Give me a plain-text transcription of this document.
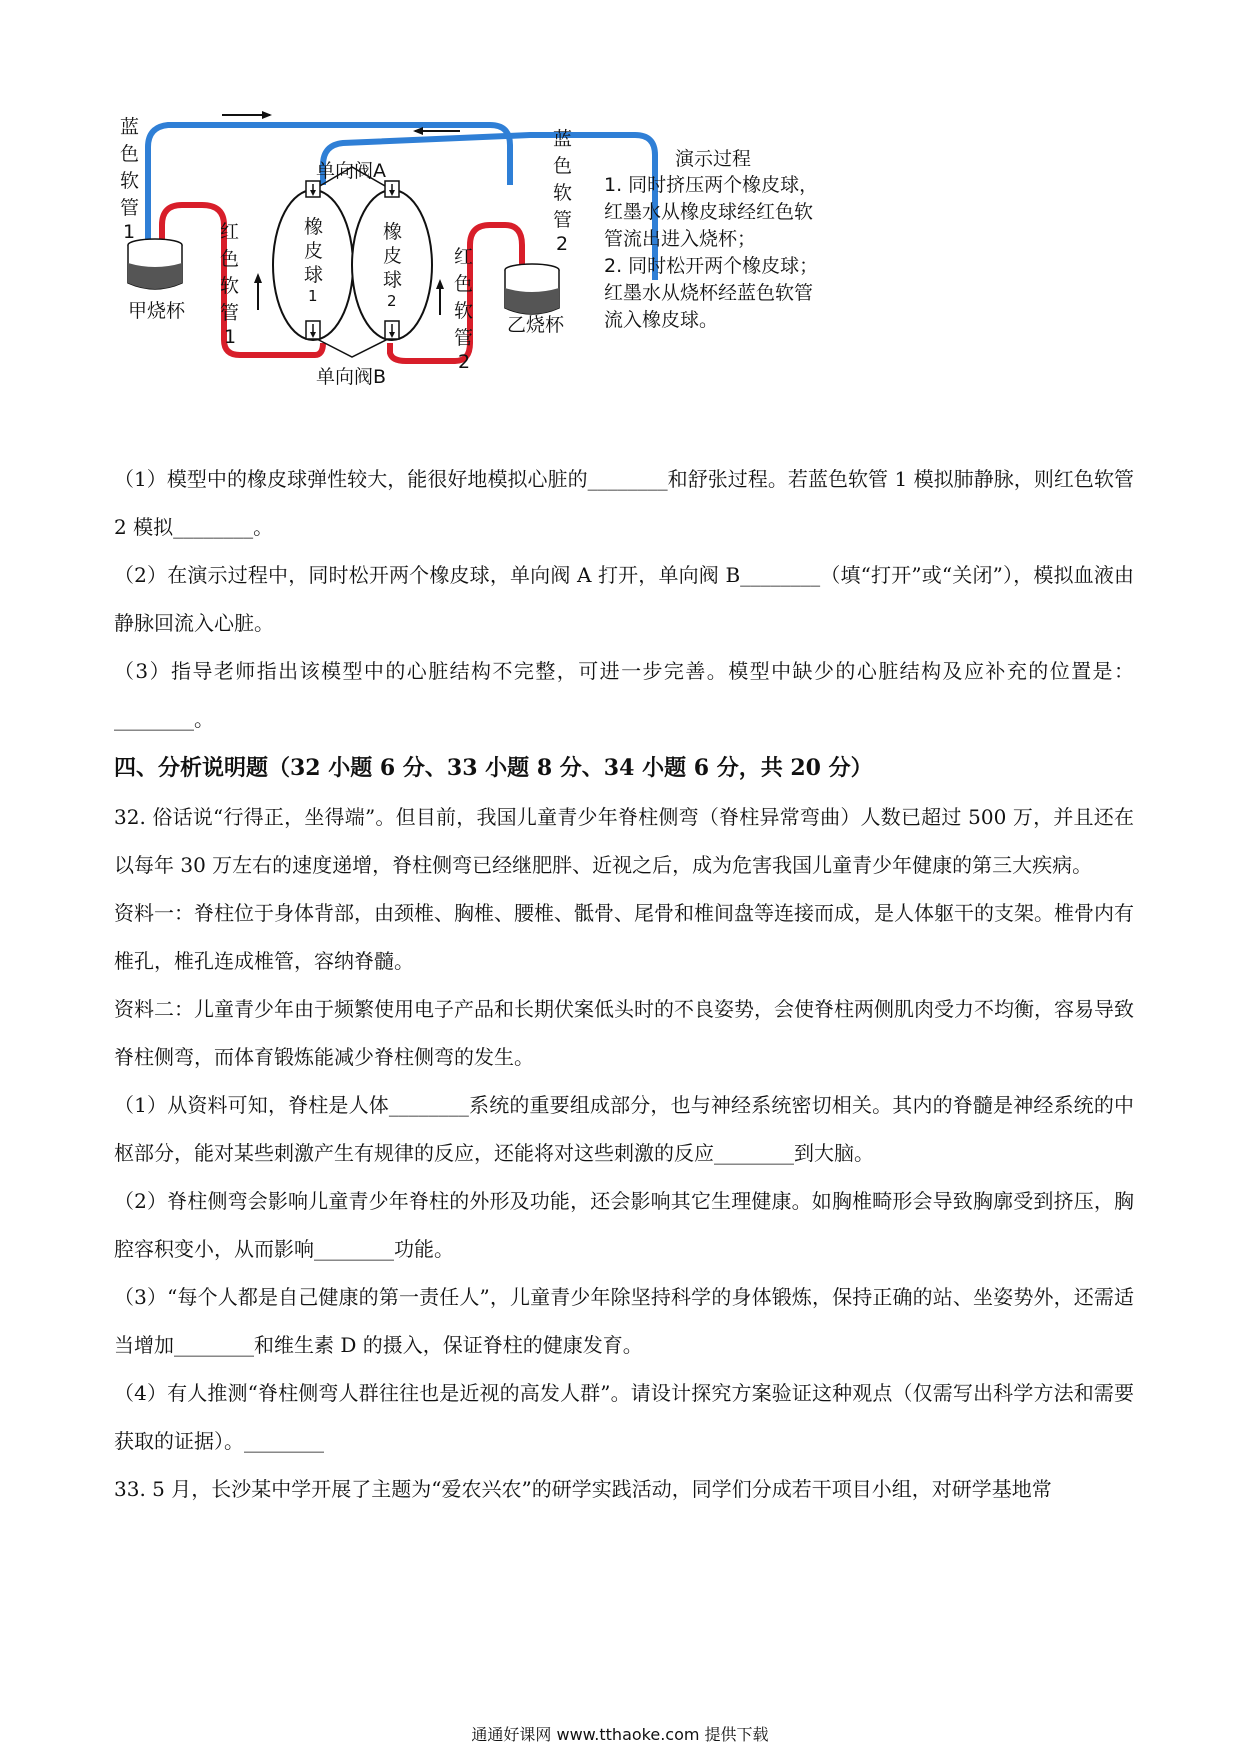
蓝
色
软
管
1	红
色
软
管
1
蓝
色
软
管
2
红
色
软
管
2
橡
皮
球
1
橡
皮
球
2
单向阀A
单向阀B
甲烧杯
乙烧杯
演示过程
1. 同时挤压两个橡皮球，
红墨水从橡皮球经红色软
管流出进入烧杯；
2. 同时松开两个橡皮球；
红墨水从烧杯经蓝色软管
流入橡皮球。

（1）模型中的橡皮球弹性较大，能很好地模拟心脏的________和舒张过程。若蓝色软管 1 模拟肺静脉，则红色软管 2 模拟________。

（2）在演示过程中，同时松开两个橡皮球，单向阀 A 打开，单向阀 B________（填“打开”或“关闭”），模拟血液由静脉回流入心脏。

（3）指导老师指出该模型中的心脏结构不完整，可进一步完善。模型中缺少的心脏结构及应补充的位置是：________。

四、分析说明题（32 小题 6 分、33 小题 8 分、34 小题 6 分，共 20 分）

32. 俗话说“行得正，坐得端”。但目前，我国儿童青少年脊柱侧弯（脊柱异常弯曲）人数已超过 500 万，并且还在以每年 30 万左右的速度递增，脊柱侧弯已经继肥胖、近视之后，成为危害我国儿童青少年健康的第三大疾病。

资料一：脊柱位于身体背部，由颈椎、胸椎、腰椎、骶骨、尾骨和椎间盘等连接而成，是人体躯干的支架。椎骨内有椎孔，椎孔连成椎管，容纳脊髓。

资料二：儿童青少年由于频繁使用电子产品和长期伏案低头时的不良姿势，会使脊柱两侧肌肉受力不均衡，容易导致脊柱侧弯，而体育锻炼能减少脊柱侧弯的发生。

（1）从资料可知，脊柱是人体________系统的重要组成部分，也与神经系统密切相关。其内的脊髓是神经系统的中枢部分，能对某些刺激产生有规律的反应，还能将对这些刺激的反应________到大脑。

（2）脊柱侧弯会影响儿童青少年脊柱的外形及功能，还会影响其它生理健康。如胸椎畸形会导致胸廓受到挤压，胸腔容积变小，从而影响________功能。

（3）“每个人都是自己健康的第一责任人”，儿童青少年除坚持科学的身体锻炼，保持正确的站、坐姿势外，还需适当增加________和维生素 D 的摄入，保证脊柱的健康发育。

（4）有人推测“脊柱侧弯人群往往也是近视的高发人群”。请设计探究方案验证这种观点（仅需写出科学方法和需要获取的证据）。________

33. 5 月，长沙某中学开展了主题为“爱农兴农”的研学实践活动，同学们分成若干项目小组，对研学基地常

通通好课网 www.tthaoke.com 提供下载
